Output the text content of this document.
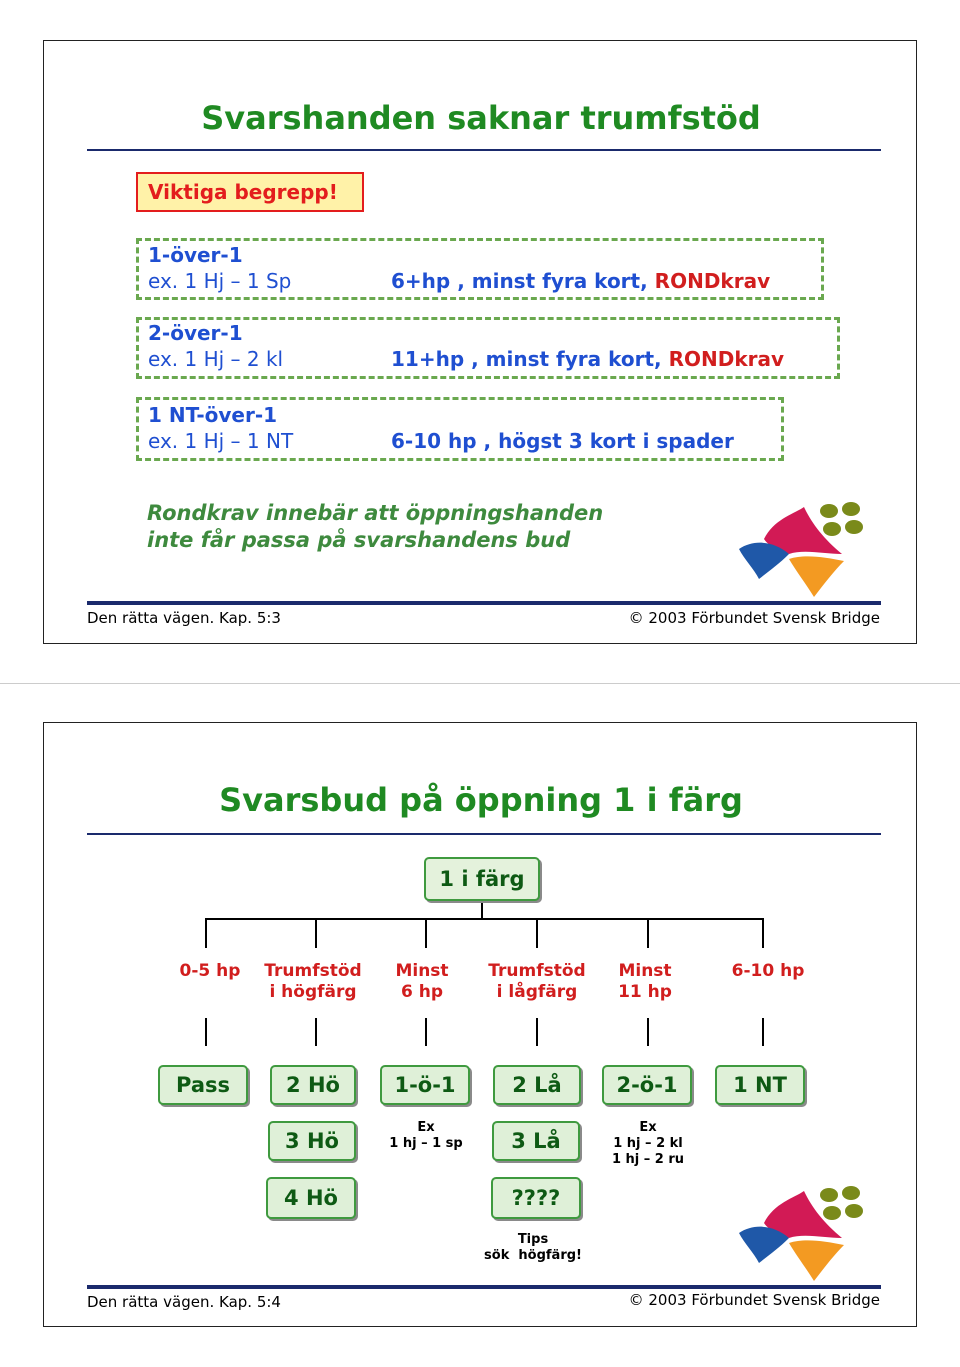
Svarshanden saknar trumfstöd
Viktiga begrepp!
1-över-1
ex. 1 Hj – 1 Sp	6+hp , minst fyra kort, RONDkrav
2-över-1
ex. 1 Hj – 2 kl	11+hp , minst fyra kort, RONDkrav
1 NT-över-1
ex. 1 Hj – 1 NT	6-10 hp , högst 3 kort i spader
Rondkrav innebär att öppningshanden
inte får passa på svarshandens bud
Den rätta vägen. Kap. 5:3	© 2003 Förbundet Svensk Bridge
Svarsbud på öppning 1 i färg
1 i färg
0-5 hp	Trumfstöd
i högfärg
Minst
6 hp
Trumfstöd
i lågfärg
Minst
11 hp
6-10 hp
Pass	2 Hö	1-ö-1	2 Lå	2-ö-1	1 NT
3 Hö
Ex
1 hj – 1 sp	3 Lå
Ex
1 hj – 2 kl
1 hj – 2 ru
4 Hö	????
Tips
sök  högfärg!
Den rätta vägen. Kap. 5:4	© 2003 Förbundet Svensk Bridge
